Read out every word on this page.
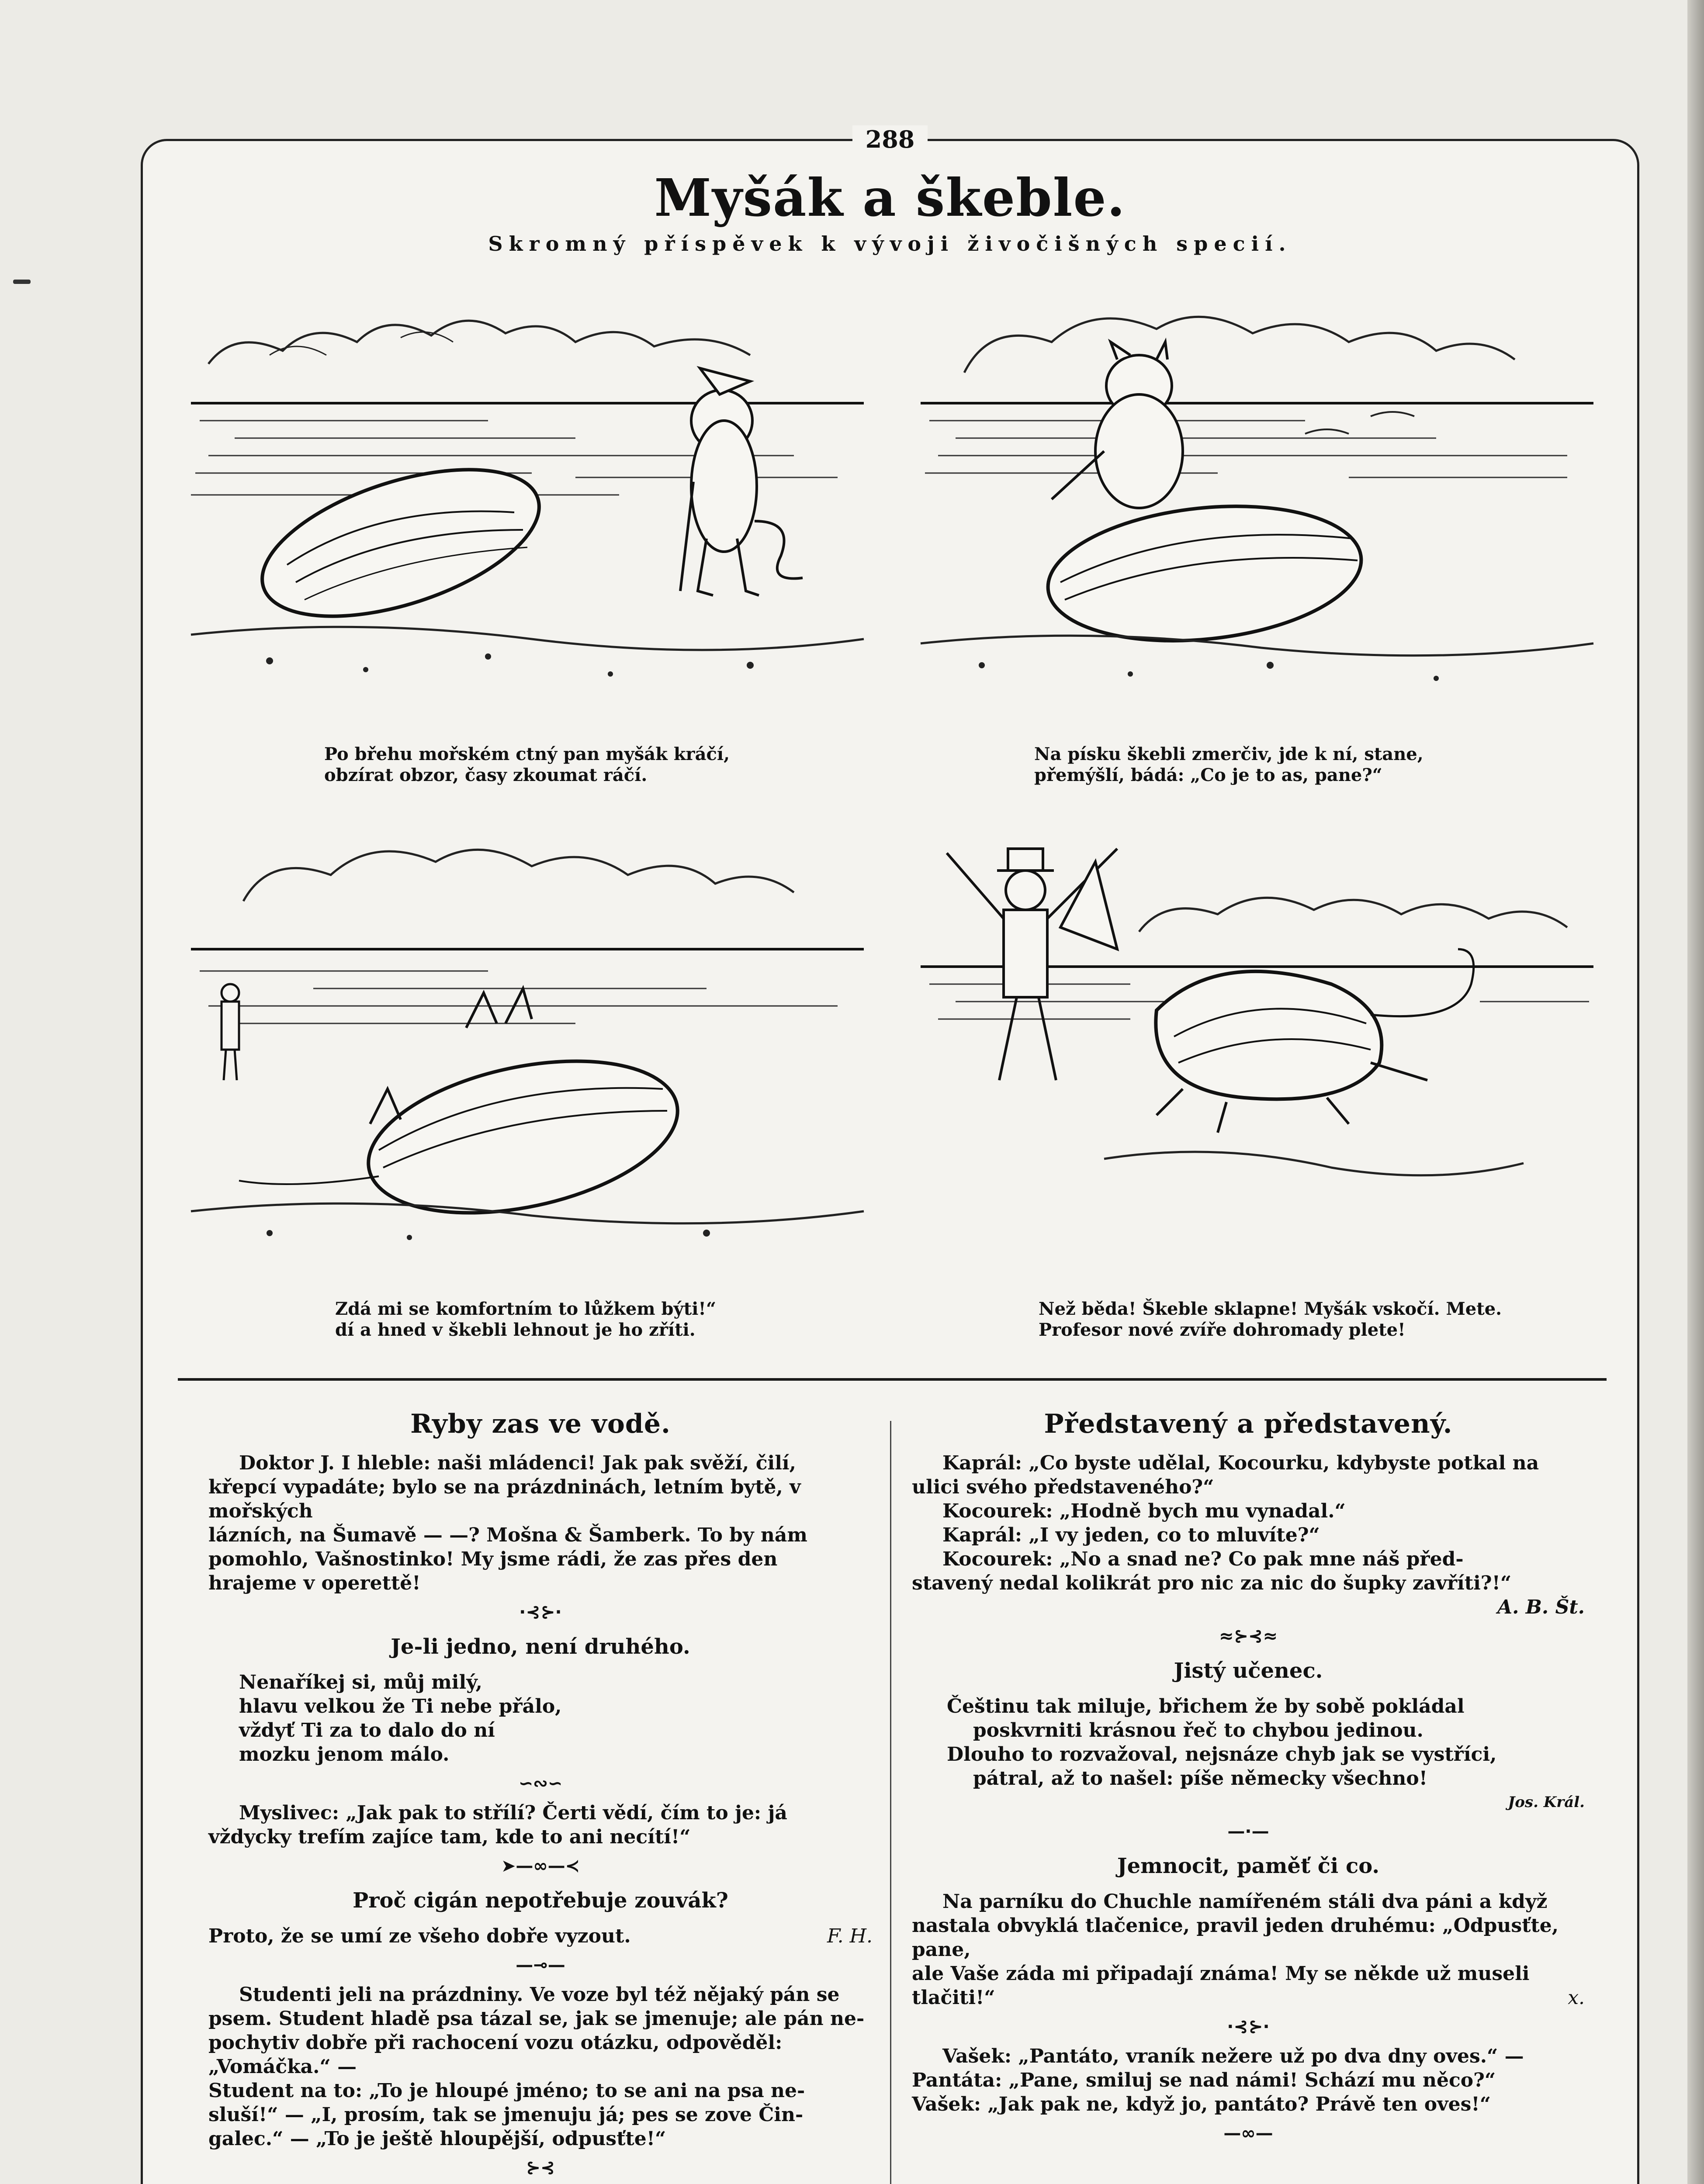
288
Myšák a škeble.
Skromný příspěvek k vývoji živočišných specií.
Po břehu mořském ctný pan myšák kráčí,
obzírat obzor, časy zkoumat ráčí.
Na písku škebli zmerčiv, jde k ní, stane,
přemýšlí, bádá: „Co je to as, pane?“
Zdá mi se komfortním to lůžkem býti!“
dí a hned v škebli lehnout je ho zříti.
Než běda! Škeble sklapne! Myšák vskočí. Mete.
Profesor nové zvíře dohromady plete!
Ryby zas ve vodě.

Doktor J. I hleble: naši mládenci! Jak pak svěží, čilí,

křepcí vypadáte; bylo se na prázdninách, letním bytě, v mořských

lázních, na Šumavě — —? Mošna & Šamberk. To by nám

pomohlo, Vašnostinko! My jsme rádi, že zas přes den

hrajeme v operettě!

⋅⊰⊱⋅
Je-li jedno, není druhého.

Nenaříkej si, můj milý,

hlavu velkou že Ti nebe přálo,

vždyť Ti za to dalo do ní

mozku jenom málo.

∽∾∽

Myslivec: „Jak pak to střílí? Čerti vědí, čím to je: já

vždycky trefím zajíce tam, kde to ani necítí!“

➤—∞—≺
Proč cigán nepotřebuje zouvák?
Proto, že se umí ze všeho dobře vyzout.	F. H.
—⊸—

Studenti jeli na prázdniny. Ve voze byl též nějaký pán se

psem. Student hladě psa tázal se, jak se jmenuje; ale pán ne-

pochytiv dobře při rachocení vozu otázku, odpověděl: „Vomáčka.“ —

Student na to: „To je hloupé jméno; to se ani na psa ne-

sluší!“ — „I, prosím, tak se jmenuju já; pes se zove Čin-

galec.“ — „To je ještě hloupější, odpusťte!“

⊱⊰
Představený a představený.

Kaprál: „Co byste udělal, Kocourku, kdybyste potkal na

ulici svého představeného?“

Kocourek: „Hodně bych mu vynadal.“

Kaprál: „I vy jeden, co to mluvíte?“

Kocourek: „No a snad ne? Co pak mne náš před-

stavený nedal kolikrát pro nic za nic do šupky zavříti?!“

A. B. Št.
≈⊱⊰≈
Jistý učenec.

Češtinu tak miluje, břichem že by sobě pokládal

poskvrniti krásnou řeč to chybou jedinou.

Dlouho to rozvažoval, nejsnáze chyb jak se vystříci,

pátral, až to našel: píše německy všechno!

Jos. Král.
—⋅—
Jemnocit, paměť či co.

Na parníku do Chuchle namířeném stáli dva páni a když

nastala obvyklá tlačenice, pravil jeden druhému: „Odpusťte, pane,

ale Vaše záda mi připadají známa! My se někde už museli

tlačiti!“	x.
⋅⊰⊱⋅

Vašek: „Pantáto, vraník nežere už po dva dny oves.“ —

Pantáta: „Pane, smiluj se nad námi! Schází mu něco?“

Vašek: „Jak pak ne, když jo, pantáto? Právě ten oves!“

—∞—
